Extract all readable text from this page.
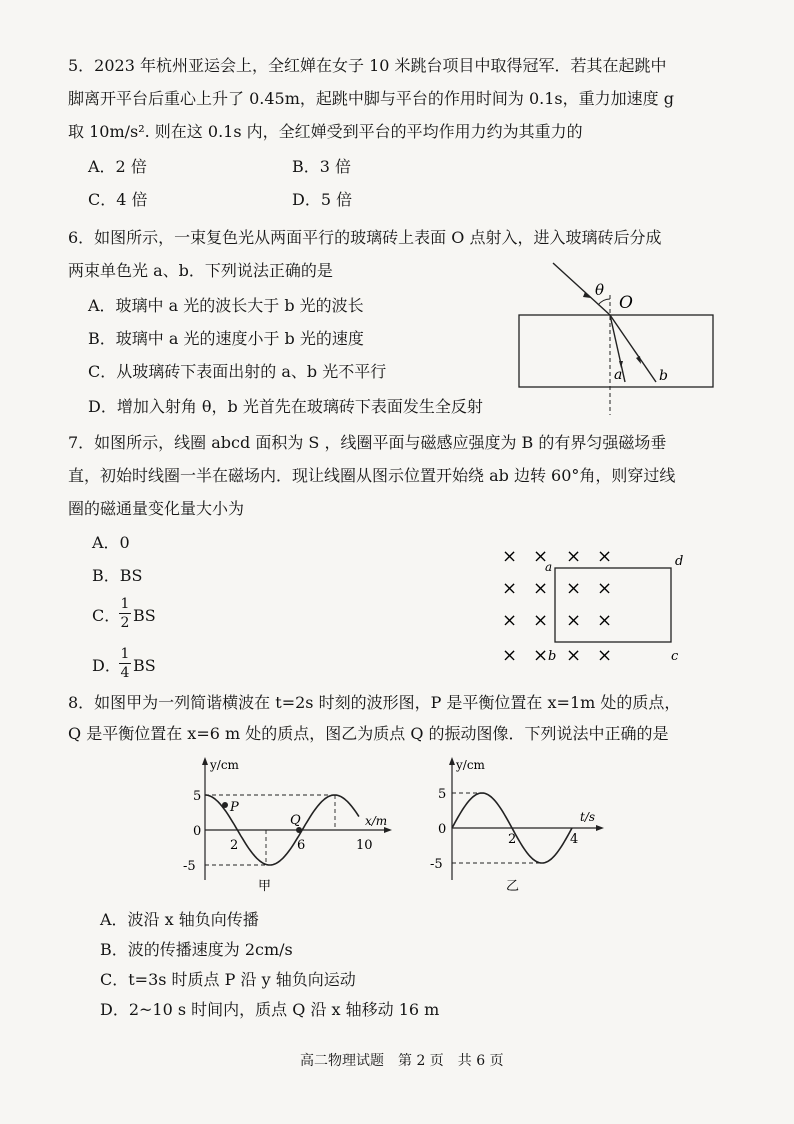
5．2023 年杭州亚运会上，全红婵在女子 10 米跳台项目中取得冠军．若其在起跳中
脚离开平台后重心上升了 0.45m，起跳中脚与平台的作用时间为 0.1s，重力加速度 g
取 10m/s². 则在这 0.1s 内，全红婵受到平台的平均作用力约为其重力的
A．2 倍	B．3 倍
C．4 倍	D．5 倍
6．如图所示，一束复色光从两面平行的玻璃砖上表面 O 点射入，进入玻璃砖后分成
两束单色光 a、b．下列说法正确的是
A．玻璃中 a 光的波长大于 b 光的波长
B．玻璃中 a 光的速度小于 b 光的速度
C．从玻璃砖下表面出射的 a、b 光不平行
D．增加入射角 θ，b 光首先在玻璃砖下表面发生全反射
θ
O
a	b
7．如图所示，线圈 abcd 面积为 S ，线圈平面与磁感应强度为 B 的有界匀强磁场垂
直，初始时线圈一半在磁场内．现让线圈从图示位置开始绕 ab 边转 60°角，则穿过线
圈的磁通量变化量大小为
A．0
B．BS
C．
1
2 BS
D．
1
4 BS
× × × ×
× × × ×
× × × ×
× × × ×
a
b	c
d
8．如图甲为一列简谐横波在 t=2s 时刻的波形图，P 是平衡位置在 x=1m 处的质点，
Q 是平衡位置在 x=6 m 处的质点，图乙为质点 Q 的振动图像．下列说法中正确的是
y/cm
x/m
5
0
-5
2	6	10
P
Q
甲
y/cm
t/s
5
0
-5
2	4
乙
A．波沿 x 轴负向传播
B．波的传播速度为 2cm/s
C．t=3s 时质点 P 沿 y 轴负向运动
D．2~10 s 时间内，质点 Q 沿 x 轴移动 16 m
高二物理试题　第 2 页　共 6 页
